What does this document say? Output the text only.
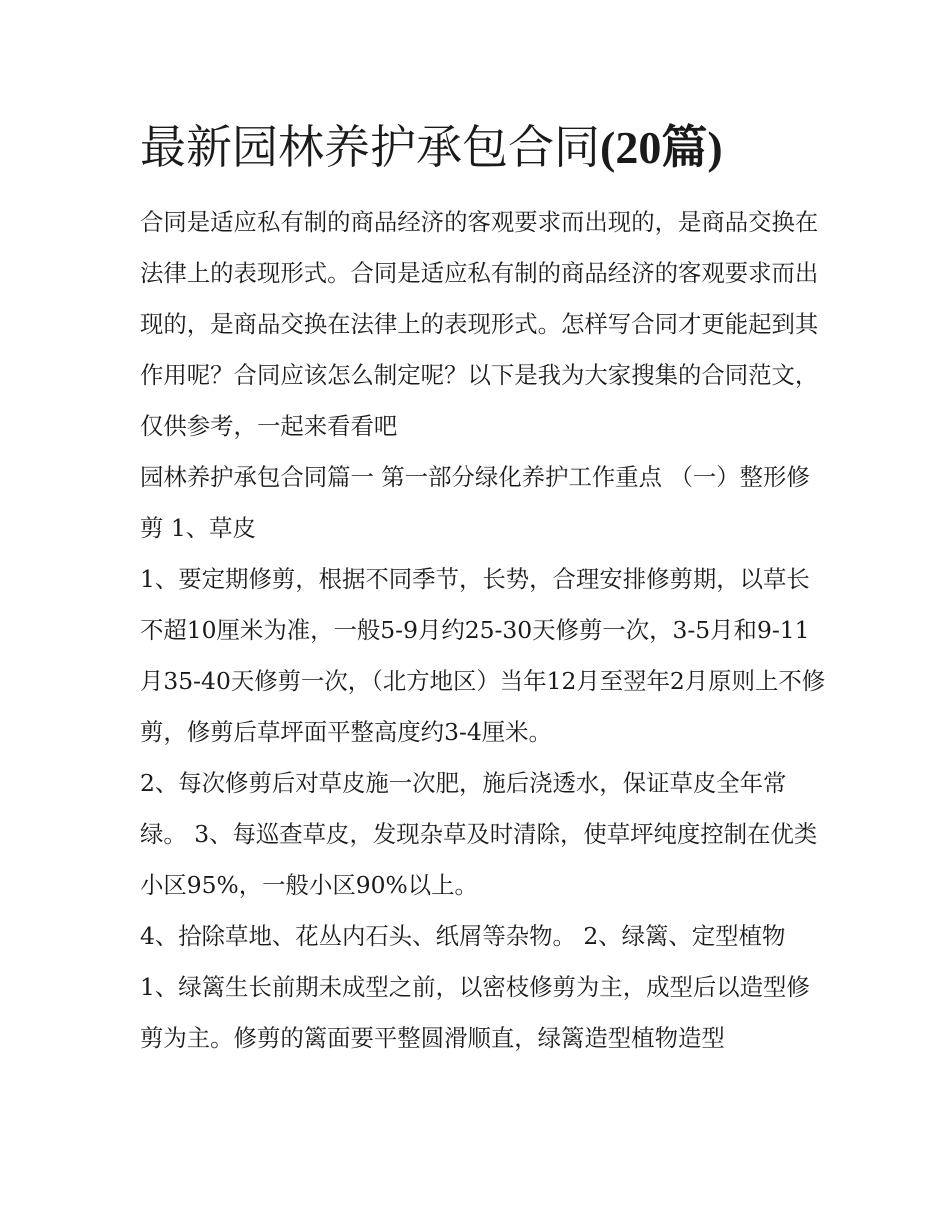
最新园林养护承包合同(20篇)

合同是适应私有制的商品经济的客观要求而出现的，是商品交换在法律上的表现形式。合同是适应私有制的商品经济的客观要求而出现的，是商品交换在法律上的表现形式。怎样写合同才更能起到其作用呢？合同应该怎么制定呢？以下是我为大家搜集的合同范文，仅供参考，一起来看看吧

园林养护承包合同篇一 第一部分绿化养护工作重点 （一）整形修剪 1、草皮

1、要定期修剪，根据不同季节，长势，合理安排修剪期，以草长不超10厘米为准，一般5-9月约25-30天修剪一次，3-5月和9-11月35-40天修剪一次，（北方地区）当年12月至翌年2月原则上不修剪，修剪后草坪面平整高度约3-4厘米。

2、每次修剪后对草皮施一次肥，施后浇透水，保证草皮全年常绿。 3、每巡查草皮，发现杂草及时清除，使草坪纯度控制在优类小区95%，一般小区90%以上。

4、拾除草地、花丛内石头、纸屑等杂物。 2、绿篱、定型植物

1、绿篱生长前期未成型之前，以密枝修剪为主，成型后以造型修剪为主。修剪的篱面要平整圆滑顺直，绿篱造型植物造型
